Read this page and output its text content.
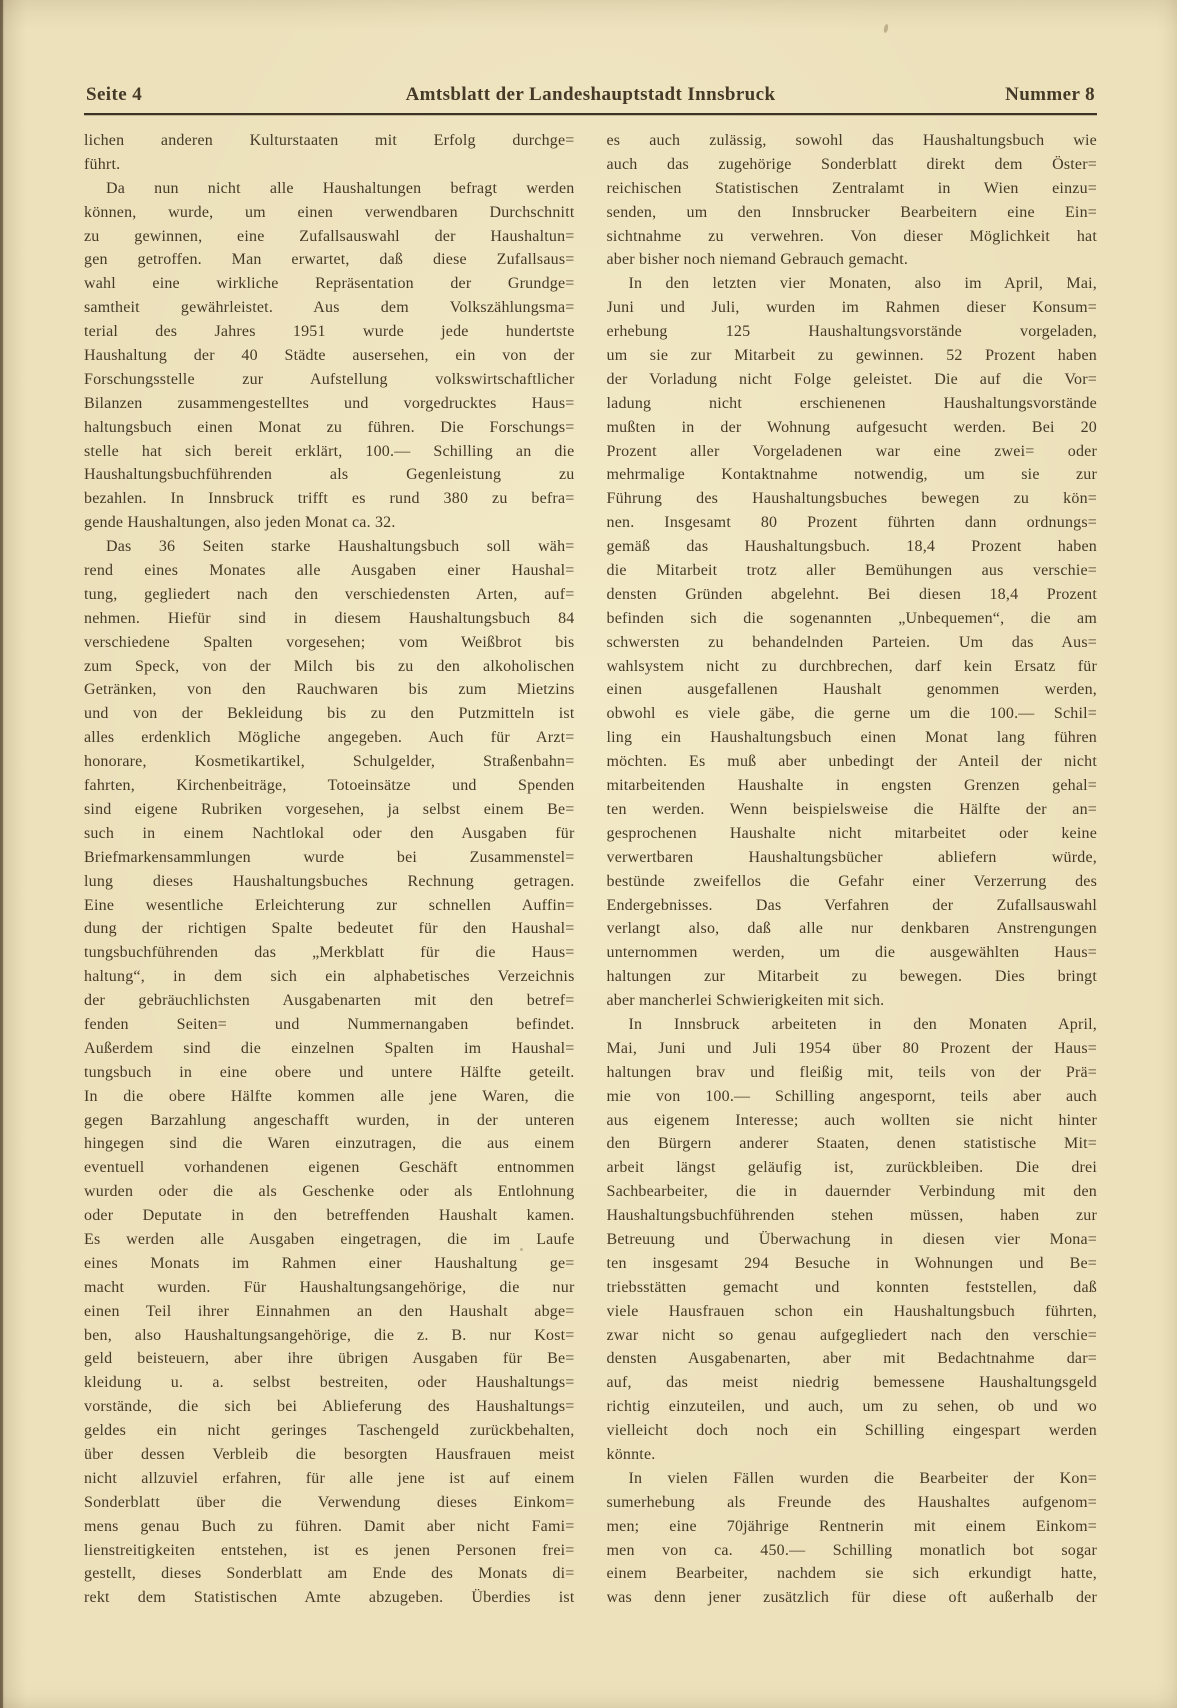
Seite 4	Amtsblatt der Landeshauptstadt Innsbruck	Nummer 8
lichen anderen Kulturstaaten mit Erfolg durchge=
führt.
Da nun nicht alle Haushaltungen befragt werden
können, wurde, um einen verwendbaren Durchschnitt
zu gewinnen, eine Zufallsauswahl der Haushaltun=
gen getroffen. Man erwartet, daß diese Zufallsaus=
wahl eine wirkliche Repräsentation der Grundge=
samtheit gewährleistet. Aus dem Volkszählungsma=
terial des Jahres 1951 wurde jede hundertste
Haushaltung der 40 Städte ausersehen, ein von der
Forschungsstelle zur Aufstellung volkswirtschaftlicher
Bilanzen zusammengestelltes und vorgedrucktes Haus=
haltungsbuch einen Monat zu führen. Die Forschungs=
stelle hat sich bereit erklärt, 100.— Schilling an die
Haushaltungsbuchführenden als Gegenleistung zu
bezahlen. In Innsbruck trifft es rund 380 zu befra=
gende Haushaltungen, also jeden Monat ca. 32.
Das 36 Seiten starke Haushaltungsbuch soll wäh=
rend eines Monates alle Ausgaben einer Haushal=
tung, gegliedert nach den verschiedensten Arten, auf=
nehmen. Hiefür sind in diesem Haushaltungsbuch 84
verschiedene Spalten vorgesehen; vom Weißbrot bis
zum Speck, von der Milch bis zu den alkoholischen
Getränken, von den Rauchwaren bis zum Mietzins
und von der Bekleidung bis zu den Putzmitteln ist
alles erdenklich Mögliche angegeben. Auch für Arzt=
honorare, Kosmetikartikel, Schulgelder, Straßenbahn=
fahrten, Kirchenbeiträge, Totoeinsätze und Spenden
sind eigene Rubriken vorgesehen, ja selbst einem Be=
such in einem Nachtlokal oder den Ausgaben für
Briefmarkensammlungen wurde bei Zusammenstel=
lung dieses Haushaltungsbuches Rechnung getragen.
Eine wesentliche Erleichterung zur schnellen Auffin=
dung der richtigen Spalte bedeutet für den Haushal=
tungsbuchführenden das „Merkblatt für die Haus=
haltung“, in dem sich ein alphabetisches Verzeichnis
der gebräuchlichsten Ausgabenarten mit den betref=
fenden Seiten= und Nummernangaben befindet.
Außerdem sind die einzelnen Spalten im Haushal=
tungsbuch in eine obere und untere Hälfte geteilt.
In die obere Hälfte kommen alle jene Waren, die
gegen Barzahlung angeschafft wurden, in der unteren
hingegen sind die Waren einzutragen, die aus einem
eventuell vorhandenen eigenen Geschäft entnommen
wurden oder die als Geschenke oder als Entlohnung
oder Deputate in den betreffenden Haushalt kamen.
Es werden alle Ausgaben eingetragen, die im Laufe
eines Monats im Rahmen einer Haushaltung ge=
macht wurden. Für Haushaltungsangehörige, die nur
einen Teil ihrer Einnahmen an den Haushalt abge=
ben, also Haushaltungsangehörige, die z. B. nur Kost=
geld beisteuern, aber ihre übrigen Ausgaben für Be=
kleidung u. a. selbst bestreiten, oder Haushaltungs=
vorstände, die sich bei Ablieferung des Haushaltungs=
geldes ein nicht geringes Taschengeld zurückbehalten,
über dessen Verbleib die besorgten Hausfrauen meist
nicht allzuviel erfahren, für alle jene ist auf einem
Sonderblatt über die Verwendung dieses Einkom=
mens genau Buch zu führen. Damit aber nicht Fami=
lienstreitigkeiten entstehen, ist es jenen Personen frei=
gestellt, dieses Sonderblatt am Ende des Monats di=
rekt dem Statistischen Amte abzugeben. Überdies ist
es auch zulässig, sowohl das Haushaltungsbuch wie
auch das zugehörige Sonderblatt direkt dem Öster=
reichischen Statistischen Zentralamt in Wien einzu=
senden, um den Innsbrucker Bearbeitern eine Ein=
sichtnahme zu verwehren. Von dieser Möglichkeit hat
aber bisher noch niemand Gebrauch gemacht.
In den letzten vier Monaten, also im April, Mai,
Juni und Juli, wurden im Rahmen dieser Konsum=
erhebung 125 Haushaltungsvorstände vorgeladen,
um sie zur Mitarbeit zu gewinnen. 52 Prozent haben
der Vorladung nicht Folge geleistet. Die auf die Vor=
ladung nicht erschienenen Haushaltungsvorstände
mußten in der Wohnung aufgesucht werden. Bei 20
Prozent aller Vorgeladenen war eine zwei= oder
mehrmalige Kontaktnahme notwendig, um sie zur
Führung des Haushaltungsbuches bewegen zu kön=
nen. Insgesamt 80 Prozent führten dann ordnungs=
gemäß das Haushaltungsbuch. 18,4 Prozent haben
die Mitarbeit trotz aller Bemühungen aus verschie=
densten Gründen abgelehnt. Bei diesen 18,4 Prozent
befinden sich die sogenannten „Unbequemen“, die am
schwersten zu behandelnden Parteien. Um das Aus=
wahlsystem nicht zu durchbrechen, darf kein Ersatz für
einen ausgefallenen Haushalt genommen werden,
obwohl es viele gäbe, die gerne um die 100.— Schil=
ling ein Haushaltungsbuch einen Monat lang führen
möchten. Es muß aber unbedingt der Anteil der nicht
mitarbeitenden Haushalte in engsten Grenzen gehal=
ten werden. Wenn beispielsweise die Hälfte der an=
gesprochenen Haushalte nicht mitarbeitet oder keine
verwertbaren Haushaltungsbücher abliefern würde,
bestünde zweifellos die Gefahr einer Verzerrung des
Endergebnisses. Das Verfahren der Zufallsauswahl
verlangt also, daß alle nur denkbaren Anstrengungen
unternommen werden, um die ausgewählten Haus=
haltungen zur Mitarbeit zu bewegen. Dies bringt
aber mancherlei Schwierigkeiten mit sich.
In Innsbruck arbeiteten in den Monaten April,
Mai, Juni und Juli 1954 über 80 Prozent der Haus=
haltungen brav und fleißig mit, teils von der Prä=
mie von 100.— Schilling angespornt, teils aber auch
aus eigenem Interesse; auch wollten sie nicht hinter
den Bürgern anderer Staaten, denen statistische Mit=
arbeit längst geläufig ist, zurückbleiben. Die drei
Sachbearbeiter, die in dauernder Verbindung mit den
Haushaltungsbuchführenden stehen müssen, haben zur
Betreuung und Überwachung in diesen vier Mona=
ten insgesamt 294 Besuche in Wohnungen und Be=
triebsstätten gemacht und konnten feststellen, daß
viele Hausfrauen schon ein Haushaltungsbuch führten,
zwar nicht so genau aufgegliedert nach den verschie=
densten Ausgabenarten, aber mit Bedachtnahme dar=
auf, das meist niedrig bemessene Haushaltungsgeld
richtig einzuteilen, und auch, um zu sehen, ob und wo
vielleicht doch noch ein Schilling eingespart werden
könnte.
In vielen Fällen wurden die Bearbeiter der Kon=
sumerhebung als Freunde des Haushaltes aufgenom=
men; eine 70jährige Rentnerin mit einem Einkom=
men von ca. 450.— Schilling monatlich bot sogar
einem Bearbeiter, nachdem sie sich erkundigt hatte,
was denn jener zusätzlich für diese oft außerhalb der
